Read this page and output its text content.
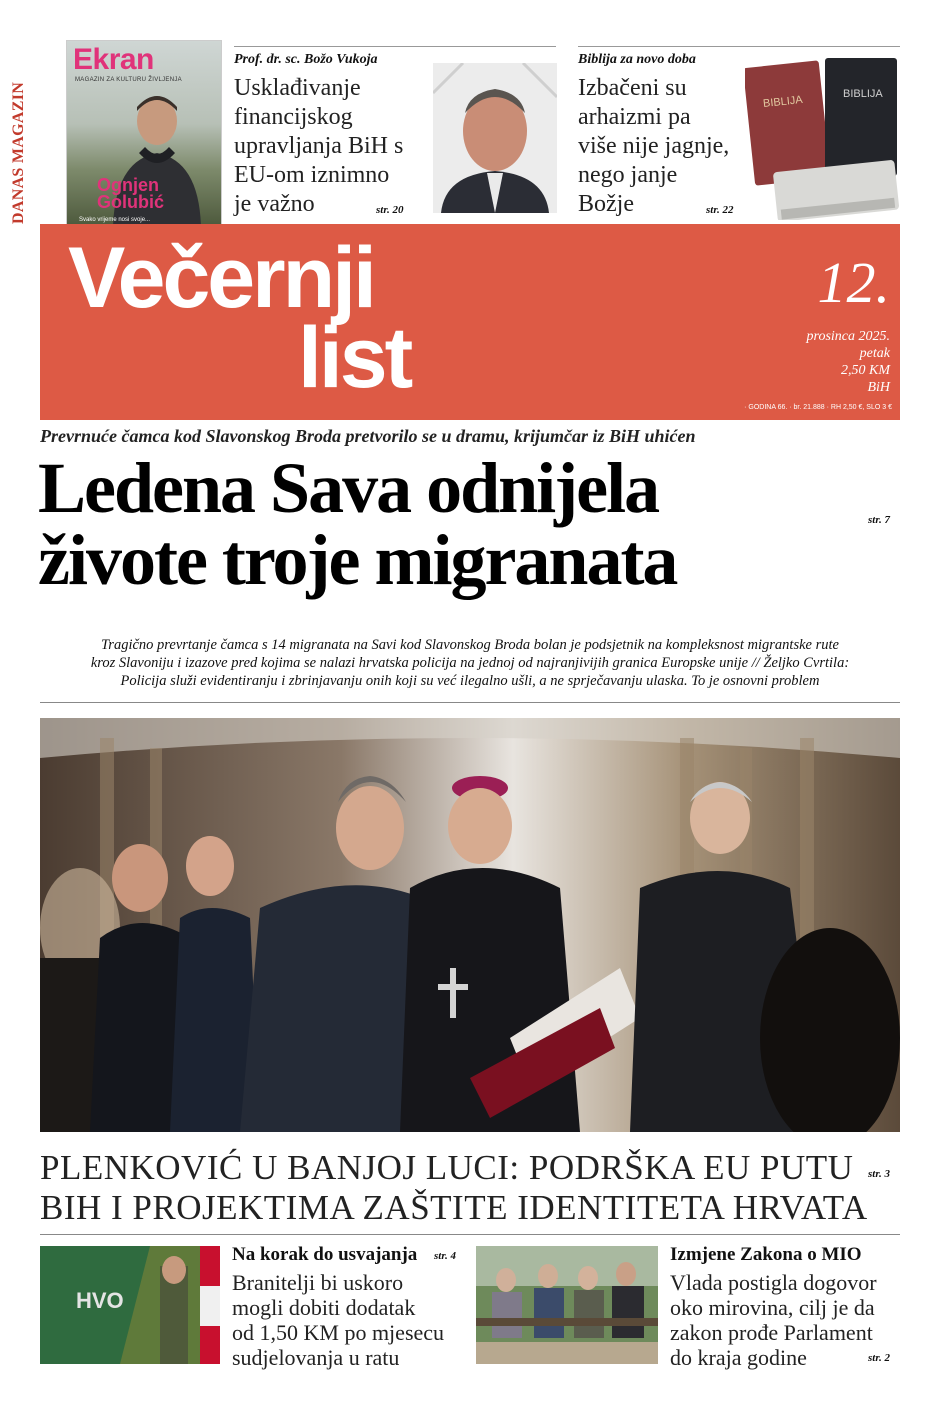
DANAS MAGAZIN
Ekran
MAGAZIN ZA KULTURU ŽIVLJENJA
Ognjen Golubić
Svako vrijeme nosi svoje...
Prof. dr. sc. Božo Vukoja
Usklađivanje
financijskog
upravljanja BiH s
EU-om iznimno
je važno	str. 20
Biblija za novo doba
Izbačeni su
arhaizmi pa
više nije jagnje,
nego janje
Božje	str. 22
BIBLIJA	BIBLIJA
Večernji
list
12.
prosinca 2025.
petak
2,50 KM
BiH
· GODINA 66. · br. 21.888 · RH 2,50 €, SLO 3 €
Prevrnuće čamca kod Slavonskog Broda pretvorilo se u dramu, krijumčar iz BiH uhićen
Ledena Sava odnijela
živote troje migranata	str. 7
Tragično prevrtanje čamca s 14 migranata na Savi kod Slavonskog Broda bolan je podsjetnik na kompleksnost migrantske rute
kroz Slavoniju i izazove pred kojima se nalazi hrvatska policija na jednoj od najranjivijih granica Europske unije // Željko Cvrtila:
Policija služi evidentiranju i zbrinjavanju onih koji su već ilegalno ušli, a ne sprječavanju ulaska. To je osnovni problem
PLENKOVIĆ U BANJOJ LUCI: PODRŠKA EU PUTU
BIH I PROJEKTIMA ZAŠTITE IDENTITETA HRVATA
str. 3
HVO
Na korak do usvajanja str. 4
Branitelji bi uskoro
mogli dobiti dodatak
od 1,50 KM po mjesecu
sudjelovanja u ratu
Izmjene Zakona o MIO
Vlada postigla dogovor
oko mirovina, cilj je da
zakon prođe Parlament
do kraja godine	str. 2
